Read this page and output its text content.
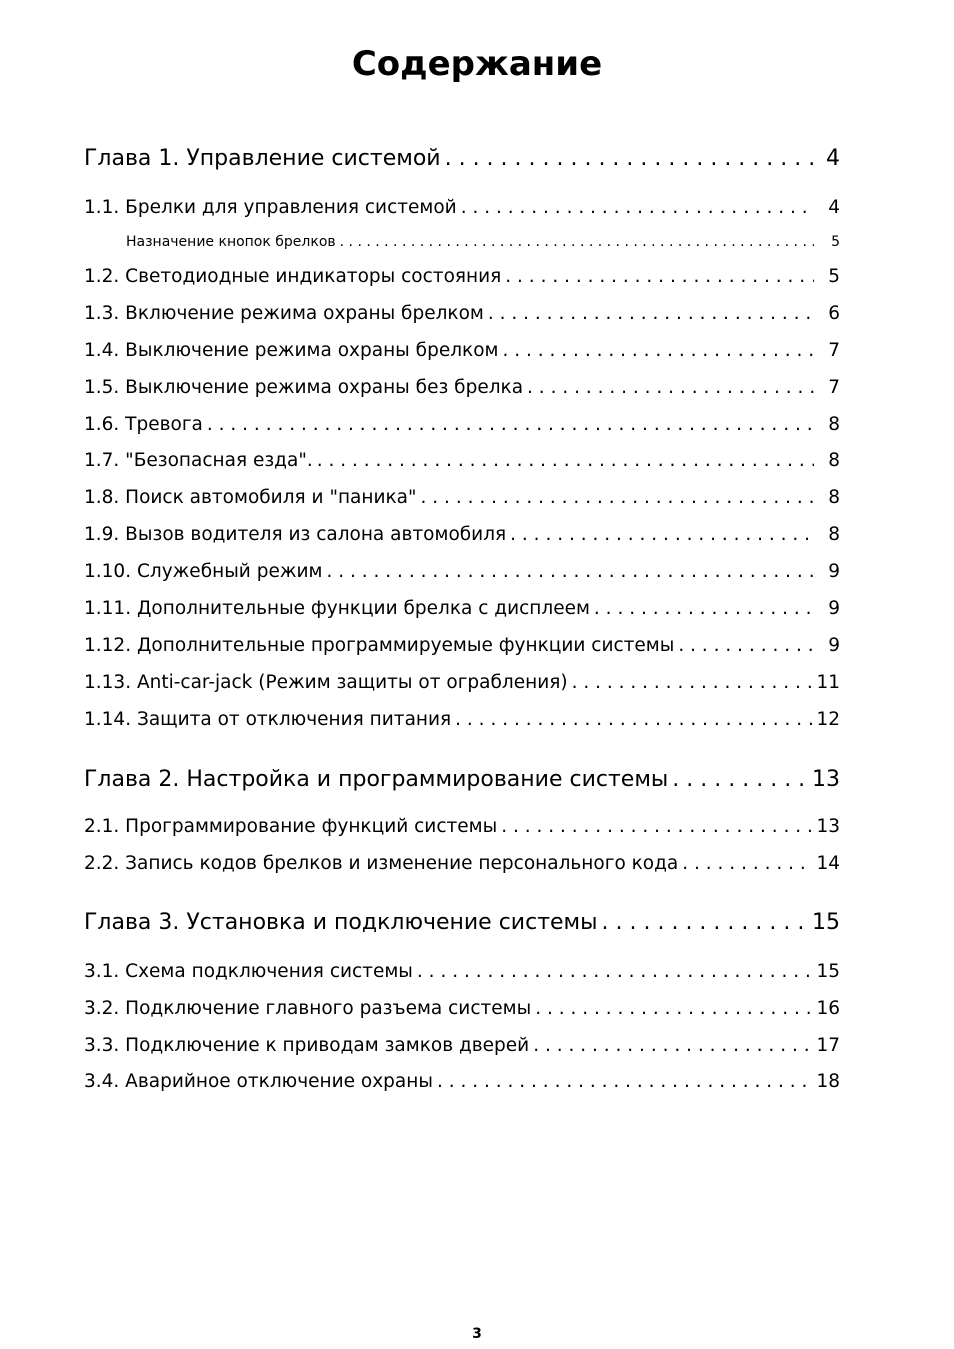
Содержание
Глава 1. Управление системой . . .	4
1.1. Брелки для управления системой . . .	4
Назначение кнопок брелков . . .	5
1.2. Светодиодные индикаторы состояния . . .	5
1.3. Включение режима охраны брелком . . .	6
1.4. Выключение режима охраны брелком . . .	7
1.5. Выключение режима охраны без брелка . . .	7
1.6. Тревога . . .	8
1.7. "Безопасная езда". . . .	8
1.8. Поиск автомобиля и "паника" . . .	8
1.9. Вызов водителя из салона автомобиля . . .	8
1.10. Служебный режим . . .	9
1.11. Дополнительные функции брелка с дисплеем . . .	9
1.12. Дополнительные программируемые функции системы . . .	9
1.13. Anti-car-jack (Режим защиты от ограбления) . . .	11
1.14. Защита от отключения питания . . .	12
Глава 2. Настройка и программирование системы . . .	13
2.1. Программирование функций системы . . .	13
2.2. Запись кодов брелков и изменение персонального кода . . .	14
Глава 3. Установка и подключение системы . . .	15
3.1. Схема подключения системы . . .	15
3.2. Подключение главного разъема системы . . .	16
3.3. Подключение к приводам замков дверей . . .	17
3.4. Аварийное отключение охраны . . .	18
3
